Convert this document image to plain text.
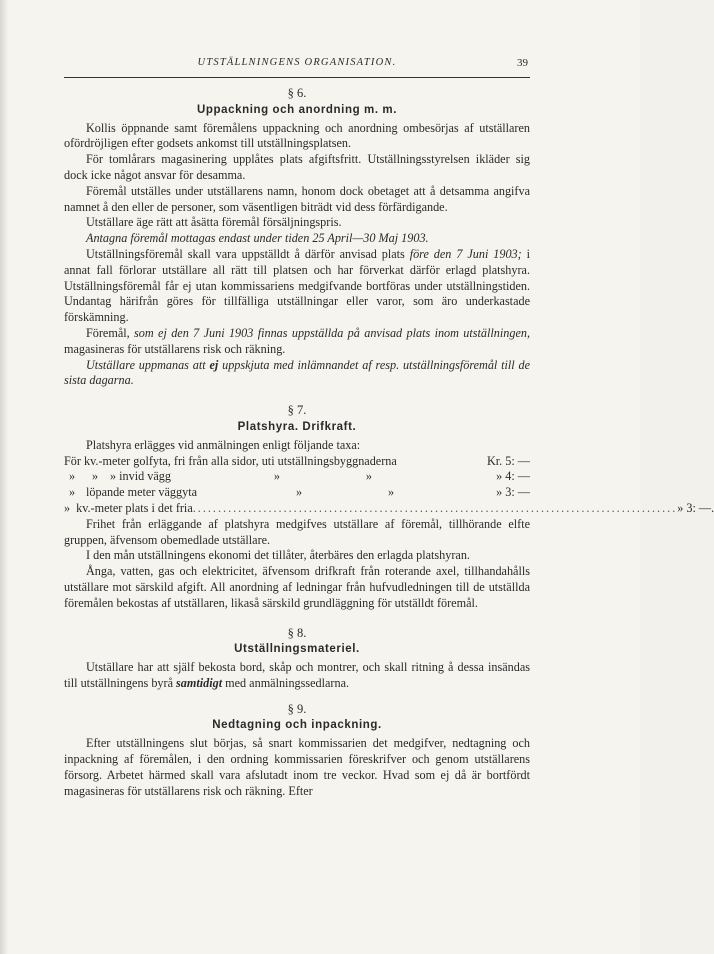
UTSTÄLLNINGENS ORGANISATION.	39
§ 6.
Uppackning och anordning m. m.

Kollis öppnande samt föremålens uppackning och anordning ombesörjas af utställaren ofördröjligen efter godsets ankomst till utställningsplatsen.

För tomlårars magasinering upplåtes plats afgiftsfritt. Utställningsstyrelsen ikläder sig dock icke något ansvar för desamma.

Föremål utställes under utställarens namn, honom dock obetaget att å detsamma angifva namnet å den eller de personer, som väsentligen biträdt vid dess förfärdigande.

Utställare äge rätt att åsätta föremål försäljningspris.

Antagna föremål mottagas endast under tiden 25 April—30 Maj 1903.

Utställningsföremål skall vara uppställdt å därför anvisad plats före den 7 Juni 1903; i annat fall förlorar utställare all rätt till platsen och har förverkat därför erlagd platshyra. Utställningsföremål får ej utan kommissariens medgifvande bortföras under utställningstiden. Undantag härifrån göres för tillfälliga utställningar eller varor, som äro underkastade förskämning.

Föremål, som ej den 7 Juni 1903 finnas uppställda på anvisad plats inom utställningen, magasineras för utställarens risk och räkning.

Utställare uppmanas att ej uppskjuta med inlämnandet af resp. utställningsföremål till de sista dagarna.

§ 7.
Platshyra. Drifkraft.

Platshyra erlägges vid anmälningen enligt följande taxa:

För kv.-meter golfyta, fri från alla sidor, uti utställningsbyggnaderna	Kr. 5: —
»	» » invid vägg	»	»	» 4: —
» löpande meter väggyta	»	»	» 3: —
» kv.-meter plats i det fria ................................................................................................ » 3: —.

Frihet från erläggande af platshyra medgifves utställare af föremål, tillhörande elfte gruppen, äfvensom obemedlade utställare.

I den mån utställningens ekonomi det tillåter, återbäres den erlagda platshyran.

Ånga, vatten, gas och elektricitet, äfvensom drifkraft från roterande axel, tillhandahålls utställare mot särskild afgift. All anordning af ledningar från hufvudledningen till de utställda föremålen bekostas af utställaren, likaså särskild grundläggning för utställdt föremål.

§ 8.
Utställningsmateriel.

Utställare har att själf bekosta bord, skåp och montrer, och skall ritning å dessa insändas till utställningens byrå samtidigt med anmälningssedlarna.

§ 9.
Nedtagning och inpackning.

Efter utställningens slut börjas, så snart kommissarien det medgifver, nedtagning och inpackning af föremålen, i den ordning kommissarien föreskrifver och genom utställarens försorg. Arbetet härmed skall vara afslutadt inom tre veckor. Hvad som ej då är bortfördt magasineras för utställarens risk och räkning. Efter
